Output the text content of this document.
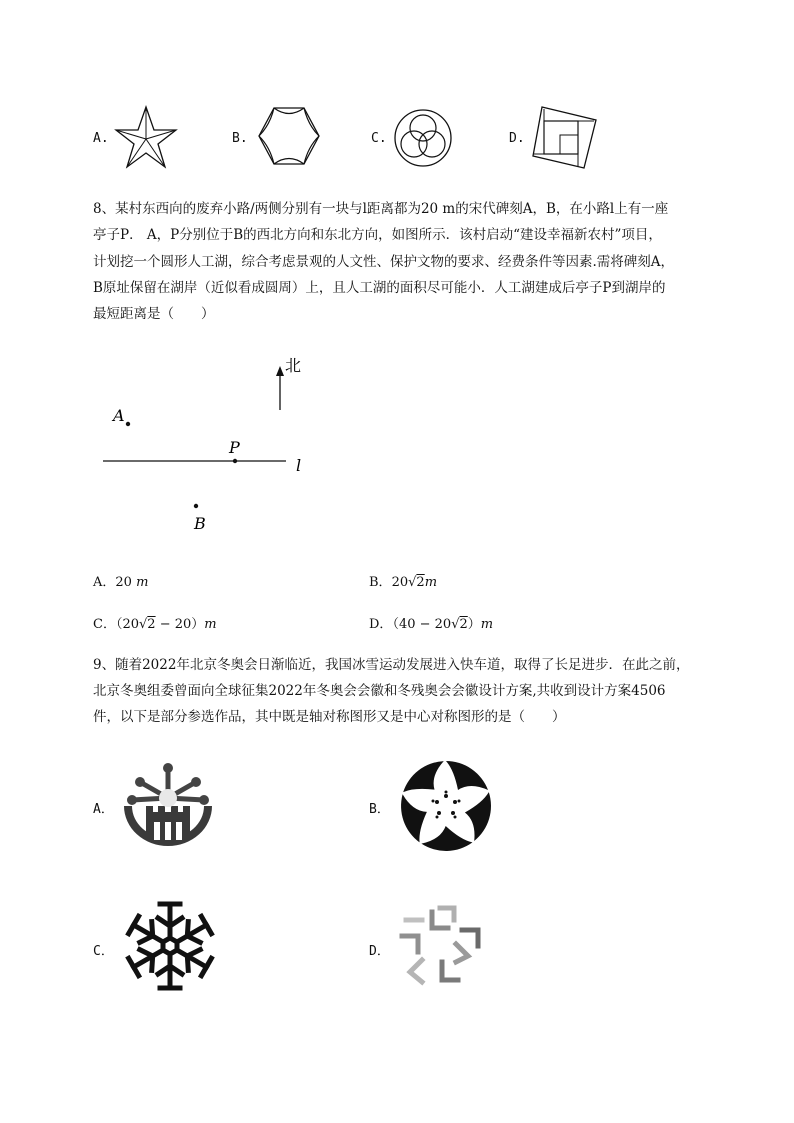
A.	B.	C.	D.
8、某村东西向的废弃小路/两侧分别有一块与l距离都为20 m的宋代碑刻A，B，在小路l上有一座
亭子P． A，P分别位于B的西北方向和东北方向，如图所示．该村启动“建设幸福新农村”项目，
计划挖一个圆形人工湖，综合考虑景观的人文性、保护文物的要求、经费条件等因素.需将碑刻A，
B原址保留在湖岸（近似看成圆周）上，且人工湖的面积尽可能小．人工湖建成后亭子P到湖岸的
最短距离是（　　）
北
l
A
P
B
A．20 m	B．20√2m
C．（20√2 − 20）m	D．（40 − 20√2）m
9、随着2022年北京冬奥会日渐临近，我国冰雪运动发展进入快车道，取得了长足进步．在此之前，
北京冬奥组委曾面向全球征集2022年冬奥会会徽和冬残奥会会徽设计方案,共收到设计方案4506
件，以下是部分参选作品，其中既是轴对称图形又是中心对称图形的是（　　）
A．	B．
C．	D．
